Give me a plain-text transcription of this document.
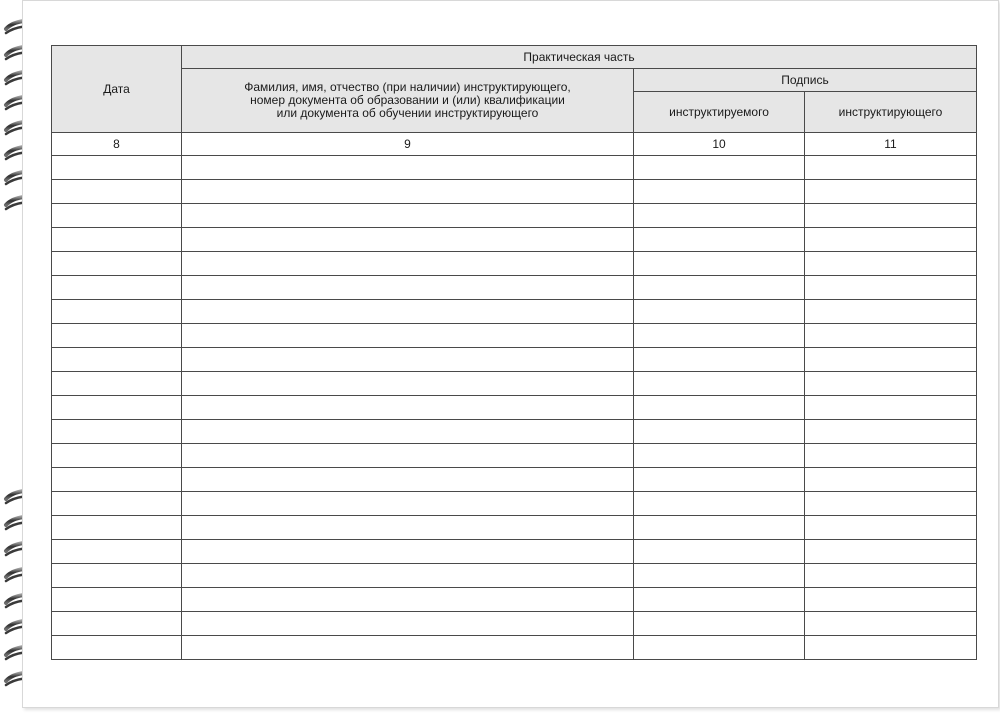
Дата	Практическая часть		
	Фамилия, имя, отчество (при наличии) инструктирующего,
номер документа об образовании и (или) квалификации
или документа об обучении инструктирующего	Подпись	
		инструктируемого	инструктирующего
8	9	10	11
